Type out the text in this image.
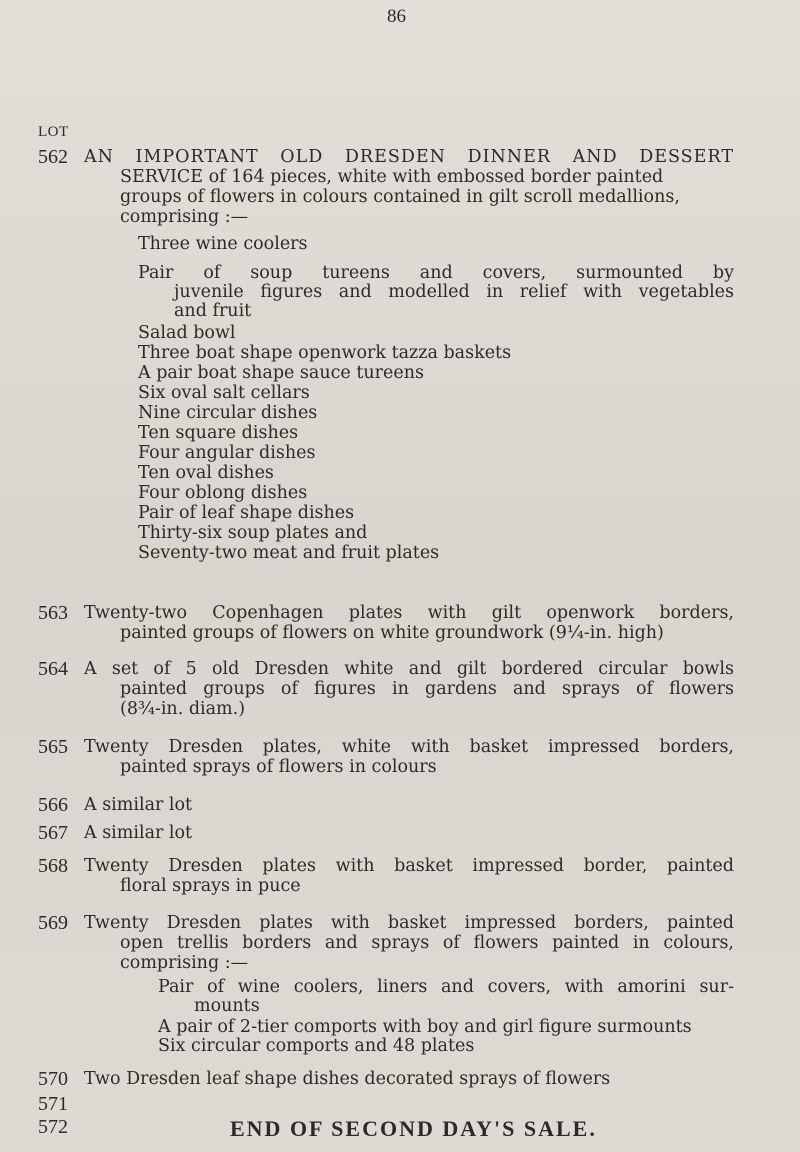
86
LOT
562 AN IMPORTANT OLD DRESDEN DINNER AND DESSERT
SERVICE of 164 pieces, white with embossed border painted
groups of flowers in colours contained in gilt scroll medallions,
comprising :—
Three wine coolers
Pair of soup tureens and covers, surmounted by
juvenile figures and modelled in relief with vegetables
and fruit
Salad bowl
Three boat shape openwork tazza baskets
A pair boat shape sauce tureens
Six oval salt cellars
Nine circular dishes
Ten square dishes
Four angular dishes
Ten oval dishes
Four oblong dishes
Pair of leaf shape dishes
Thirty-six soup plates and
Seventy-two meat and fruit plates
563 Twenty-two Copenhagen plates with gilt openwork borders,
painted groups of flowers on white groundwork (9¼-in. high)
564 A set of 5 old Dresden white and gilt bordered circular bowls
painted groups of figures in gardens and sprays of flowers
(8¾-in. diam.)
565 Twenty Dresden plates, white with basket impressed borders,
painted sprays of flowers in colours
566 A similar lot
567 A similar lot
568 Twenty Dresden plates with basket impressed border, painted
floral sprays in puce
569 Twenty Dresden plates with basket impressed borders, painted
open trellis borders and sprays of flowers painted in colours,
comprising :—
Pair of wine coolers, liners and covers, with amorini sur-
mounts
A pair of 2-tier comports with boy and girl figure surmounts
Six circular comports and 48 plates
570 Two Dresden leaf shape dishes decorated sprays of flowers
571
572	END OF SECOND DAY'S SALE.
